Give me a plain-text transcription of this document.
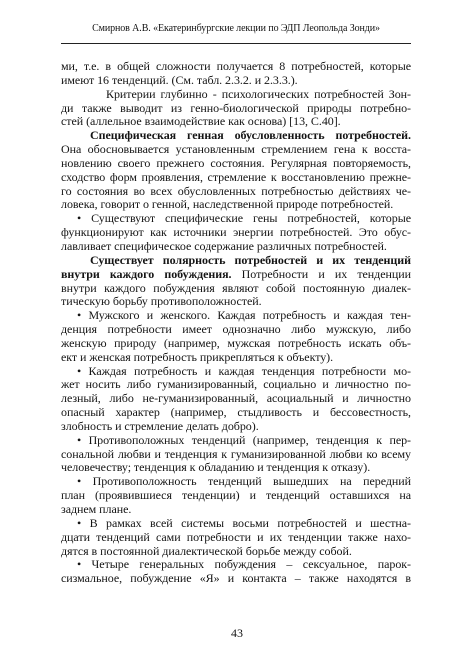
Смирнов А.В. «Екатеринбургские лекции по ЭДП Леопольда Зонди»
ми, т.е. в общей сложности получается 8 потребностей, которые
имеют 16 тенденций. (См. табл. 2.3.2. и 2.3.3.).
Критерии глубинно - психологических потребностей Зон-
ди также выводит из генно-биологической природы потребно-
стей (аллельное взаимодействие как основа) [13, С.40].
Специфическая генная обусловленность потребностей.
Она обосновывается установленным стремлением гена к восста-
новлению своего прежнего состояния. Регулярная повторяемость,
сходство форм проявления, стремление к восстановлению прежне-
го состояния во всех обусловленных потребностью действиях че-
ловека, говорит о генной, наследственной природе потребностей.
• Существуют специфические гены потребностей, которые
функционируют как источники энергии потребностей. Это обус-
лавливает специфическое содержание различных потребностей.
Существует полярность потребностей и их тенденций
внутри каждого побуждения. Потребности и их тенденции
внутри каждого побуждения являют собой постоянную диалек-
тическую борьбу противоположностей.
• Мужского и женского. Каждая потребность и каждая тен-
денция потребности имеет однозначно либо мужскую, либо
женскую природу (например, мужская потребность искать объ-
ект и женская потребность прикрепляться к объекту).
• Каждая потребность и каждая тенденция потребности мо-
жет носить либо гуманизированный, социально и личностно по-
лезный, либо не-гуманизированный, асоциальный и личностно
опасный характер (например, стыдливость и бессовестность,
злобность и стремление делать добро).
• Противоположных тенденций (например, тенденция к пер-
сональной любви и тенденция к гуманизированной любви ко всему
человечеству; тенденция к обладанию и тенденция к отказу).
• Противоположность тенденций вышедших на передний
план (проявившиеся тенденции) и тенденций оставшихся на
заднем плане.
• В рамках всей системы восьми потребностей и шестна-
дцати тенденций сами потребности и их тенденции также нахо-
дятся в постоянной диалектической борьбе между собой.
• Четыре генеральных побуждения – сексуальное, парок-
сизмальное, побуждение «Я» и контакта – также находятся в
43
